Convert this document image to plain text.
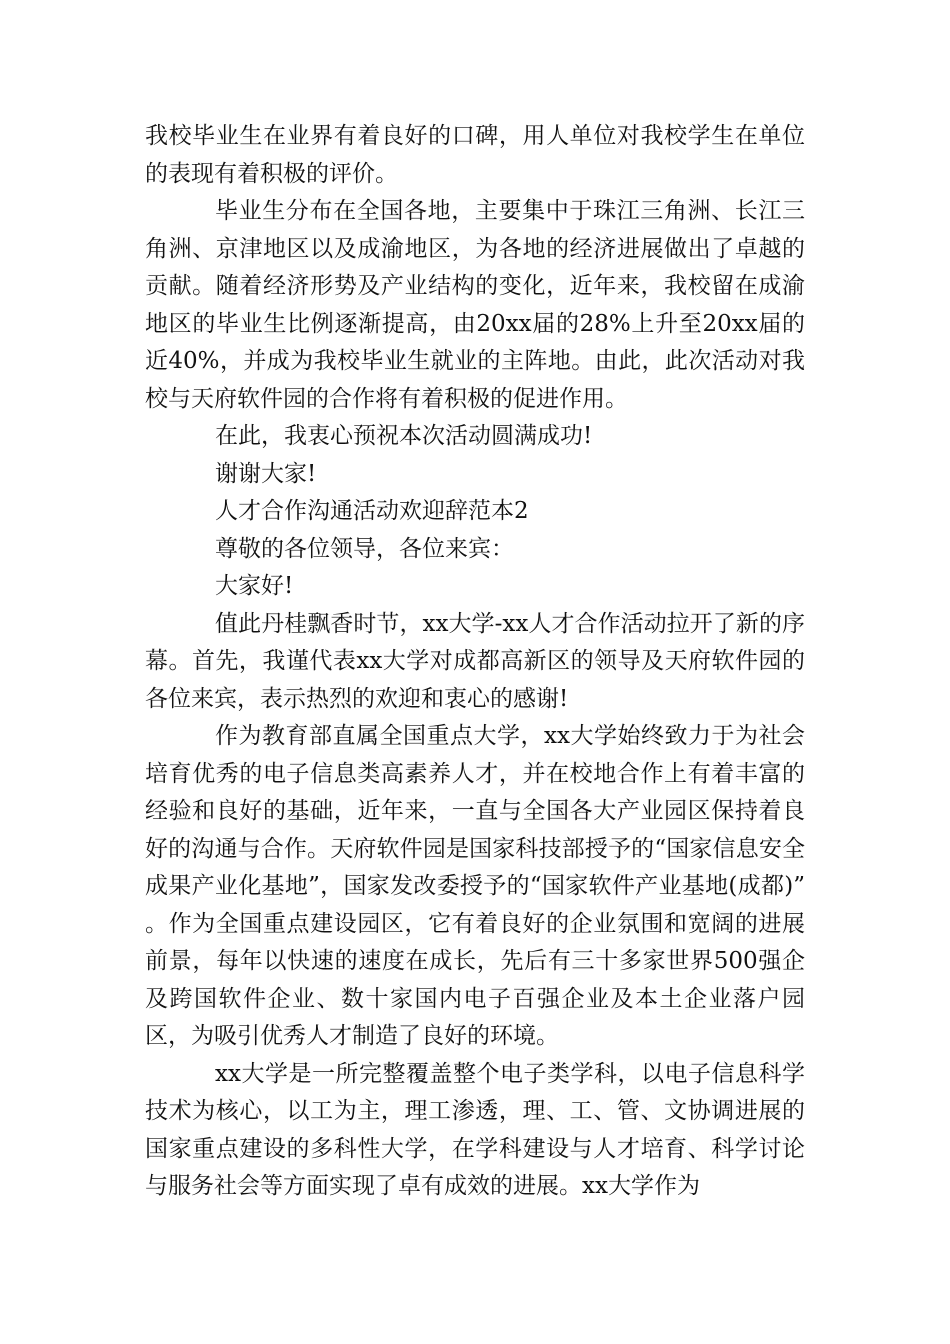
我校毕业生在业界有着良好的口碑，用人单位对我校学生在单位的表现有着积极的评价。

毕业生分布在全国各地，主要集中于珠江三角洲、长江三角洲、京津地区以及成渝地区，为各地的经济进展做出了卓越的贡献。随着经济形势及产业结构的变化，近年来，我校留在成渝地区的毕业生比例逐渐提高，由20xx届的28%上升至20xx届的近40%，并成为我校毕业生就业的主阵地。由此，此次活动对我校与天府软件园的合作将有着积极的促进作用。

在此，我衷心预祝本次活动圆满成功!

谢谢大家!

人才合作沟通活动欢迎辞范本2

尊敬的各位领导，各位来宾：

大家好!

值此丹桂飘香时节，xx大学-xx人才合作活动拉开了新的序幕。首先，我谨代表xx大学对成都高新区的领导及天府软件园的各位来宾，表示热烈的欢迎和衷心的感谢!

作为教育部直属全国重点大学，xx大学始终致力于为社会培育优秀的电子信息类高素养人才，并在校地合作上有着丰富的经验和良好的基础，近年来，一直与全国各大产业园区保持着良好的沟通与合作。天府软件园是国家科技部授予的“国家信息安全成果产业化基地”，国家发改委授予的“国家软件产业基地(成都)” 。作为全国重点建设园区，它有着良好的企业氛围和宽阔的进展前景，每年以快速的速度在成长，先后有三十多家世界500强企及跨国软件企业、数十家国内电子百强企业及本土企业落户园区，为吸引优秀人才制造了良好的环境。

xx大学是一所完整覆盖整个电子类学科，以电子信息科学技术为核心，以工为主，理工渗透，理、工、管、文协调进展的国家重点建设的多科性大学，在学科建设与人才培育、科学讨论与服务社会等方面实现了卓有成效的进展。xx大学作为
